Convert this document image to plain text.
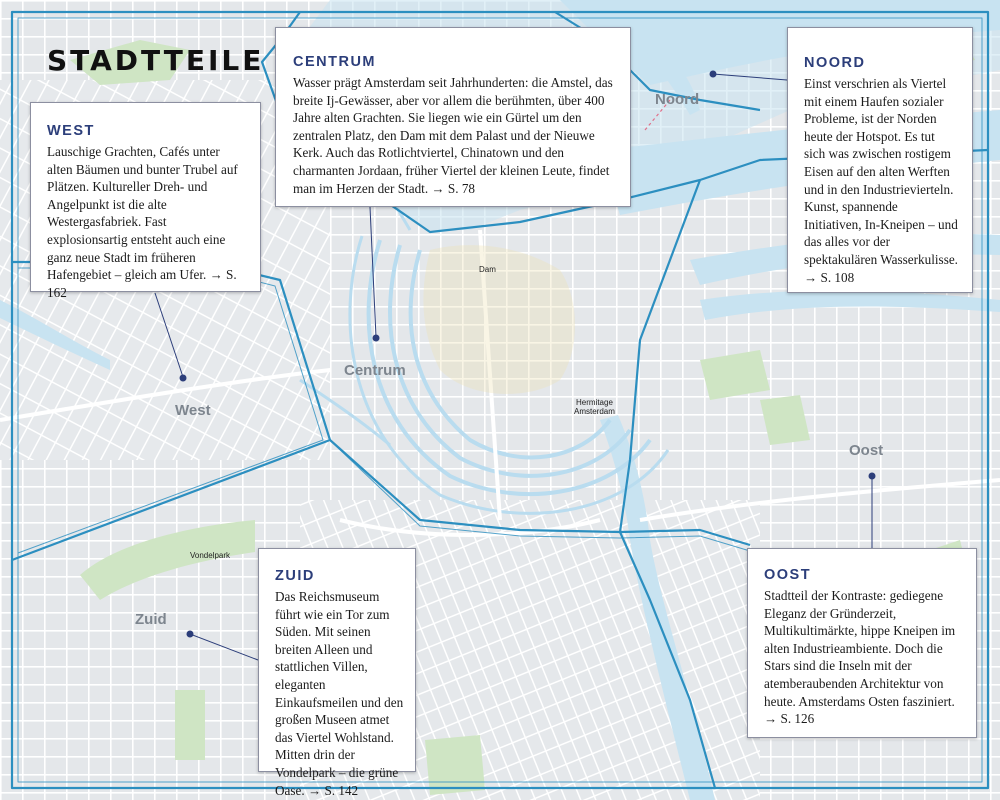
Noord
Centrum
West
Oost
Zuid
Dam
Hermitage
Amsterdam
Vondelpark
STADTTEILE
WEST

Lauschige Grachten, Cafés unter alten Bäumen und bunter Trubel auf Plätzen. Kultureller Dreh- und Angelpunkt ist die alte Westergasfabriek. Fast explosionsartig entsteht auch eine ganz neue Stadt im früheren Hafengebiet – gleich am Ufer. → S. 162

CENTRUM

Wasser prägt Amsterdam seit Jahrhunderten: die Amstel, das breite Ij-Gewässer, aber vor allem die berühmten, über 400 Jahre alten Grachten. Sie liegen wie ein Gürtel um den zentralen Platz, den Dam mit dem Palast und der Nieuwe Kerk. Auch das Rotlichtviertel, Chinatown und den charmanten Jordaan, früher Viertel der kleinen Leute, findet man im Herzen der Stadt. → S. 78

NOORD

Einst verschrien als Viertel mit einem Haufen sozialer Probleme, ist der Norden heute der Hotspot. Es tut sich was zwischen rostigem Eisen auf den alten Werften und in den Industrievierteln. Kunst, spannende Initiativen, In-Kneipen – und das alles vor der spektakulären Wasserkulisse. → S. 108

ZUID

Das Reichsmuseum führt wie ein Tor zum Süden. Mit seinen breiten Alleen und stattlichen Villen, eleganten Einkaufsmeilen und den großen Museen atmet das Viertel Wohlstand. Mitten drin der Vondelpark – die grüne Oase. → S. 142

OOST

Stadtteil der Kontraste: gediegene Eleganz der Gründerzeit, Multikultimärkte, hippe Kneipen im alten Industrieambiente. Doch die Stars sind die Inseln mit der atemberaubenden Architektur von heute. Amsterdams Osten fasziniert. → S. 126
